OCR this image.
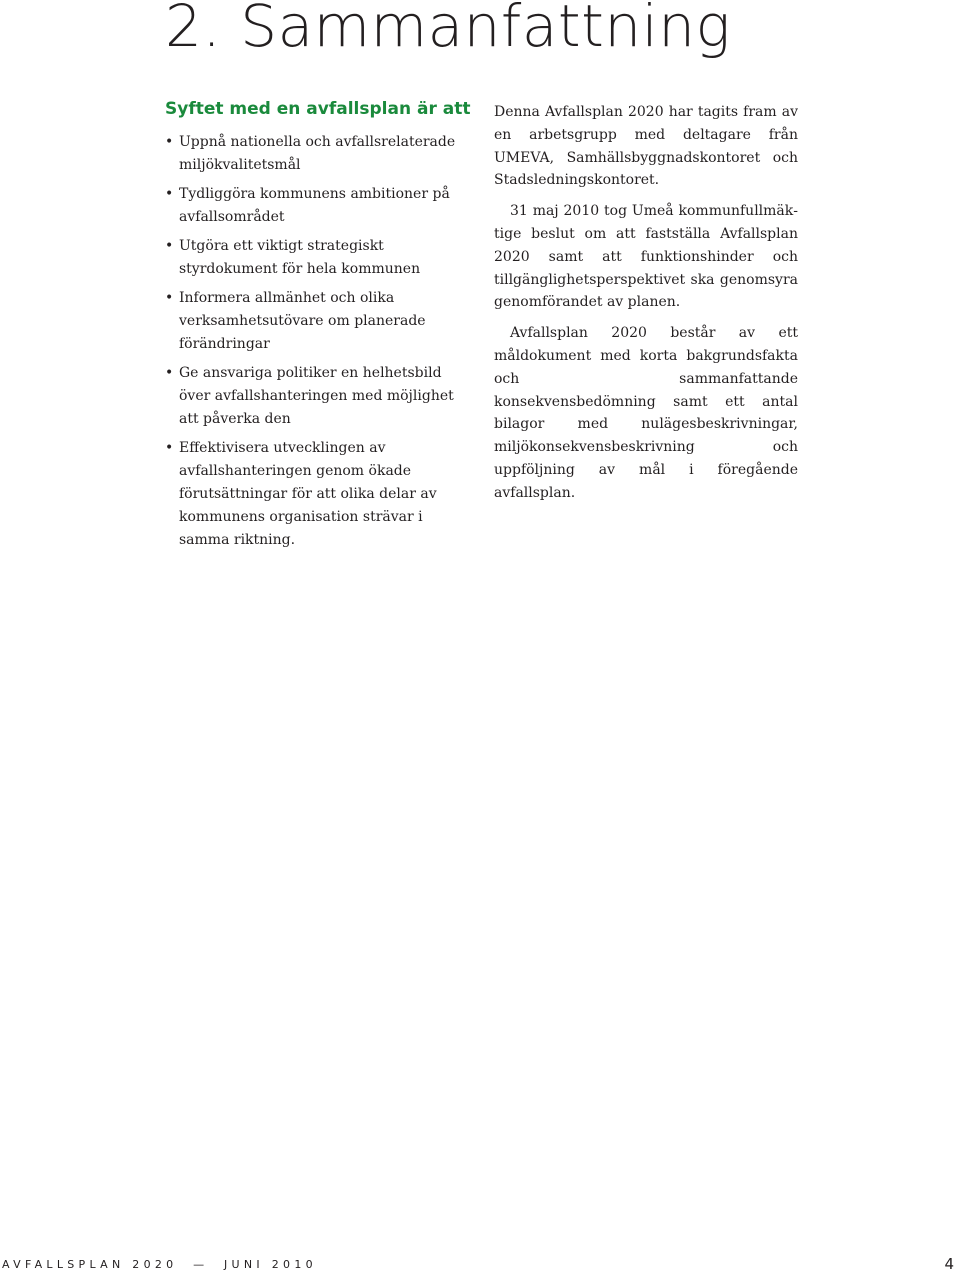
2. Sammanfattning
Syftet med en avfallsplan är att
• Uppnå nationella och avfallsrelaterade miljökvalitetsmål
• Tydliggöra kommunens ambitioner på avfallsområdet
• Utgöra ett viktigt strategiskt styrdokument för hela kommunen
• Informera allmänhet och olika verksamhetsutövare om planerade förändringar
• Ge ansvariga politiker en helhetsbild över avfallshanteringen med möjlighet att påverka den
• Effektivisera utvecklingen av avfallshanteringen genom ökade förutsättningar för att olika delar av kommunens organisation strävar i samma riktning.

Denna Avfallsplan 2020 har tagits fram av en arbetsgrupp med deltagare från UMEVA, Samhällsbyggnadskontoret och Stadsledningskontoret.

31 maj 2010 tog Umeå kommunfullmäktige beslut om att fastställa Avfallsplan 2020 samt att funktionshinder och tillgänglighetsperspektivet ska genomsyra genomförandet av planen.

Avfallsplan 2020 består av ett måldokument med korta bakgrundsfakta och sammanfattande konsekvensbedömning samt ett antal bilagor med nulägesbeskrivningar, miljökonsekvensbeskrivning och uppföljning av mål i föregående avfallsplan.

AVFALLSPLAN 2020  —  JUNI 2010	4
